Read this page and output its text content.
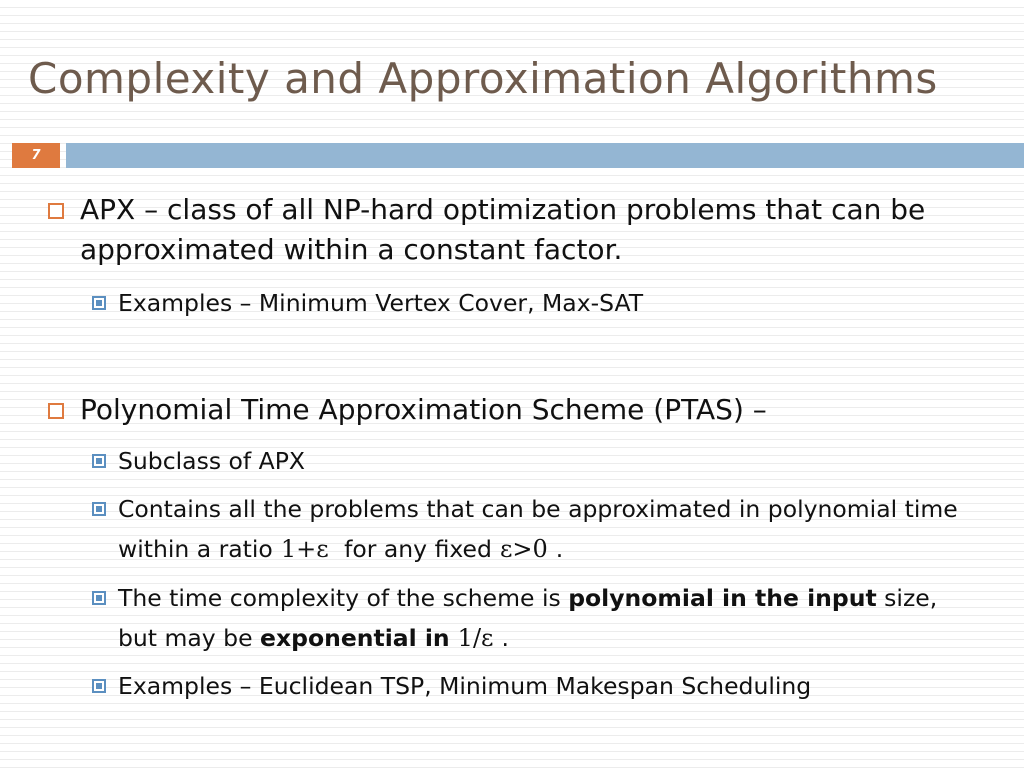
Complexity and Approximation Algorithms
7
APX – class of all NP-hard optimization problems that can be approximated within a constant factor.
Examples – Minimum Vertex Cover, Max-SAT
Polynomial Time Approximation Scheme (PTAS) –
Subclass of APX
Contains all the problems that can be approximated in polynomial time within a ratio 1+ε for any fixed ε>0 .
The time complexity of the scheme is polynomial in the input size, but may be exponential in 1/ε .
Examples – Euclidean TSP, Minimum Makespan Scheduling
